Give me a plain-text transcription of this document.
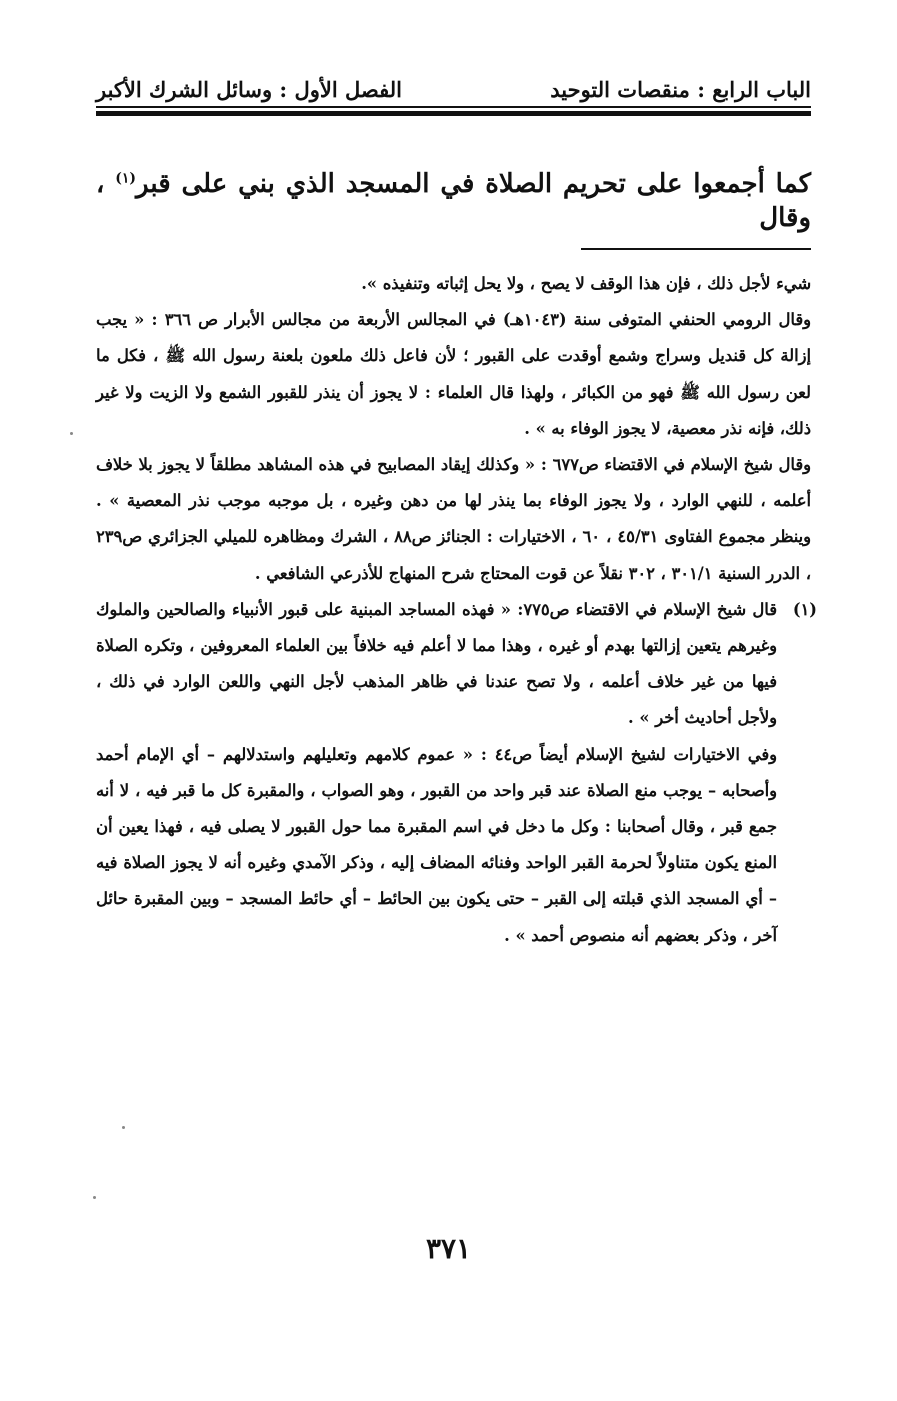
الباب الرابع : منقصات التوحيد
الفصل الأول : وسائل الشرك الأكبر
كما أجمعوا على تحريم الصلاة في المسجد الذي بني على قبر$^{(١)}$ ، وقال

شيء لأجل ذلك ، فإن هذا الوقف لا يصح ، ولا يحل إثباته وتنفيذه ».

وقال الرومي الحنفي المتوفى سنة (١٠٤٣هـ) في المجالس الأربعة من مجالس الأبرار ص ٣٦٦ : « يجب إزالة كل قنديل وسراج وشمع أوقدت على القبور ؛ لأن فاعل ذلك ملعون بلعنة رسول الله ﷺ ، فكل ما لعن رسول الله ﷺ فهو من الكبائر ، ولهذا قال العلماء : لا يجوز أن ينذر للقبور الشمع ولا الزيت ولا غير ذلك، فإنه نذر معصية، لا يجوز الوفاء به » .

وقال شيخ الإسلام في الاقتضاء ص٦٧٧ : « وكذلك إيقاد المصابيح في هذه المشاهد مطلقاً لا يجوز بلا خلاف أعلمه ، للنهي الوارد ، ولا يجوز الوفاء بما ينذر لها من دهن وغيره ، بل موجبه موجب نذر المعصية » . وينظر مجموع الفتاوى ٤٥/٣١ ، ٦٠ ، الاختيارات : الجنائز ص٨٨ ، الشرك ومظاهره للميلي الجزائري ص٢٣٩ ، الدرر السنية ٣٠١/١ ، ٣٠٢ نقلاً عن قوت المحتاج شرح المنهاج للأذرعي الشافعي .

(١)

قال شيخ الإسلام في الاقتضاء ص٧٧٥: « فهذه المساجد المبنية على قبور الأنبياء والصالحين والملوك وغيرهم يتعين إزالتها بهدم أو غيره ، وهذا مما لا أعلم فيه خلافاً بين العلماء المعروفين ، وتكره الصلاة فيها من غير خلاف أعلمه ، ولا تصح عندنا في ظاهر المذهب لأجل النهي واللعن الوارد في ذلك ، ولأجل أحاديث أخر » .

وفي الاختيارات لشيخ الإسلام أيضاً ص٤٤ : « عموم كلامهم وتعليلهم واستدلالهم – أي الإمام أحمد وأصحابه – يوجب منع الصلاة عند قبر واحد من القبور ، وهو الصواب ، والمقبرة كل ما قبر فيه ، لا أنه جمع قبر ، وقال أصحابنا : وكل ما دخل في اسم المقبرة مما حول القبور لا يصلى فيه ، فهذا يعين أن المنع يكون متناولاً لحرمة القبر الواحد وفنائه المضاف إليه ، وذكر الآمدي وغيره أنه لا يجوز الصلاة فيه – أي المسجد الذي قبلته إلى القبر – حتى يكون بين الحائط – أي حائط المسجد – وبين المقبرة حائل آخر ، وذكر بعضهم أنه منصوص أحمد » .

٣٧١
